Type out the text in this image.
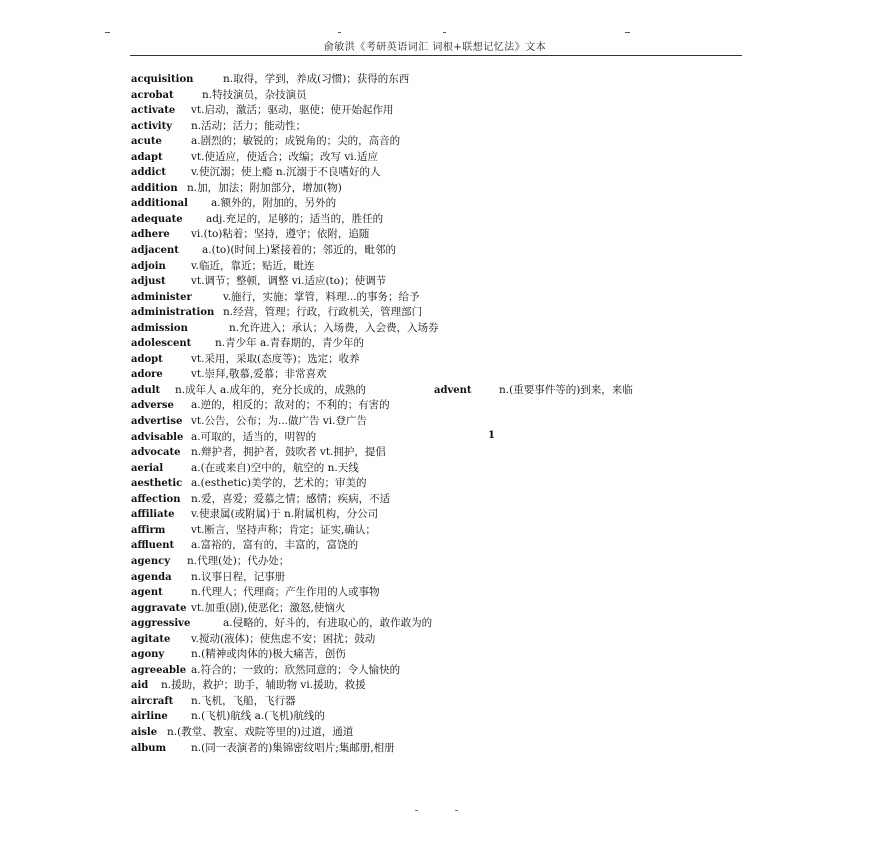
俞敏洪《考研英语词汇 词根+联想记忆法》文本
acquisition	n.取得，学到，养成(习惯)；获得的东西
acrobat	n.特技演员，杂技演员
activate vt.启动，激活；驱动，驱使；使开始起作用
activity n.活动；活力；能动性；
acute	a.剧烈的；敏锐的；成锐角的；尖的，高音的
adapt	vt.使适应，使适合；改编；改写 vi.适应
addict v.使沉溺；使上瘾 n.沉溺于不良嗜好的人
addition n.加，加法；附加部分，增加(物)
additional a.额外的，附加的，另外的
adequate adj.充足的，足够的；适当的，胜任的
adhere vi.(to)粘着；坚持，遵守；依附，追随
adjacent a.(to)(时间上)紧接着的；邻近的，毗邻的
adjoin v.临近，靠近；贴近，毗连
adjust vt.调节；整顿，调整 vi.适应(to)；使调节
administer	v.施行，实施；掌管，料理...的事务；给予
administration n.经营，管理；行政，行政机关，管理部门
admission	n.允许进入；承认；入场费，入会费，入场券
adolescent n.青少年 a.青春期的，青少年的
adopt	vt.采用，采取(态度等)；选定；收养
adore	vt.崇拜,敬慕,爱慕；非常喜欢
adult n.成年人 a.成年的，充分长成的，成熟的	advent	n.(重要事件等的)到来，来临
adverse a.逆的，相反的；敌对的；不利的；有害的
advertise vt.公告，公布；为...做广告 vi.登广告
advisable a.可取的，适当的，明智的
advocate n.辩护者，拥护者，鼓吹者 vt.拥护，提倡
aerial	a.(在或来自)空中的，航空的 n.天线
aesthetic a.(esthetic)美学的，艺术的；审美的
affection n.爱，喜爱；爱慕之情；感情；疾病，不适
affiliate v.使隶属(或附属)于 n.附属机构，分公司
affirm vt.断言，坚持声称；肯定；证实,确认；
affluent a.富裕的，富有的，丰富的，富饶的
agency n.代理(处)；代办处；
agenda n.议事日程，记事册
agent	n.代理人；代理商；产生作用的人或事物
aggravate vt.加重(剧),使恶化；激怒,使恼火
aggressive	a.侵略的，好斗的，有进取心的，敢作敢为的
agitate v.搅动(液体)；使焦虑不安；困扰；鼓动
agony	n.(精神或肉体的)极大痛苦，创伤
agreeable a.符合的；一致的；欣然同意的；令人愉快的
aid n.援助，救护；助手，辅助物 vi.援助，救援
aircraft n.飞机，飞船，飞行器
airline n.(飞机)航线 a.(飞机)航线的
aisle n.(教堂、教室、戏院等里的)过道，通道
album n.(同一表演者的)集锦密纹唱片;集邮册,相册
1
